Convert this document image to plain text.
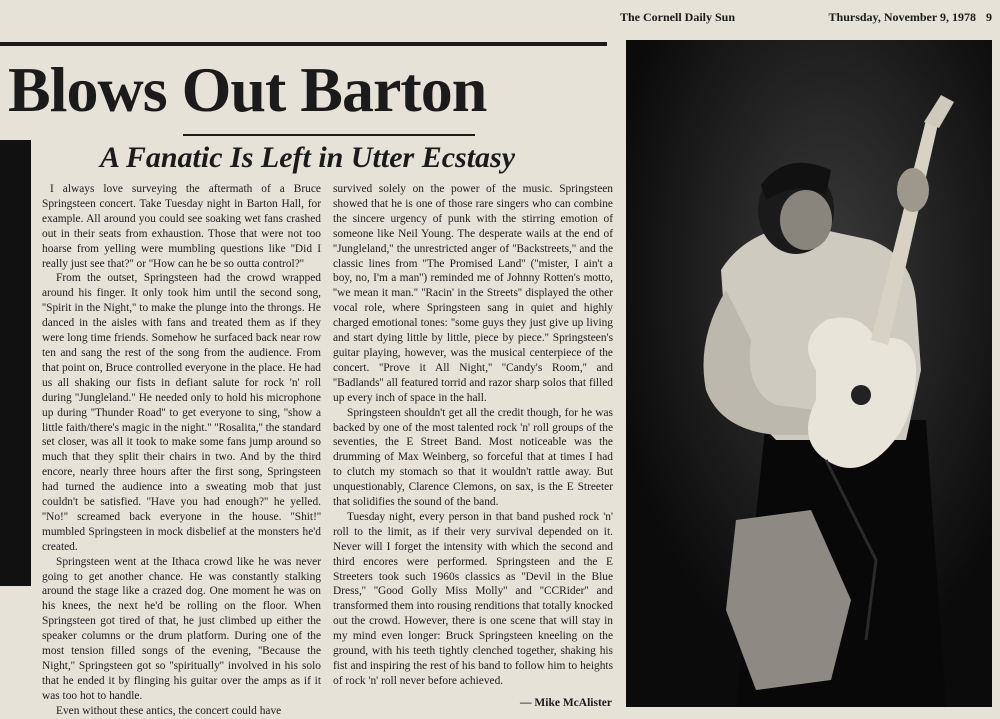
The Cornell Daily Sun	Thursday, November 9, 1978 9
Blows Out Barton
A Fanatic Is Left in Utter Ecstasy

I always love surveying the aftermath of a Bruce Springsteen concert. Take Tuesday night in Barton Hall, for example. All around you could see soaking wet fans crashed out in their seats from exhaustion. Those that were not too hoarse from yelling were mumbling questions like ''Did I really just see that?'' or ''How can he be so outta control?''

From the outset, Springsteen had the crowd wrapped around his finger. It only took him until the second song, ''Spirit in the Night,'' to make the plunge into the throngs. He danced in the aisles with fans and treated them as if they were long time friends. Somehow he surfaced back near row ten and sang the rest of the song from the audience. From that point on, Bruce controlled everyone in the place. He had us all shaking our fists in defiant salute for rock 'n' roll during ''Jungleland.'' He needed only to hold his microphone up during ''Thunder Road'' to get everyone to sing, ''show a little faith/there's magic in the night.'' ''Rosalita,'' the standard set closer, was all it took to make some fans jump around so much that they split their chairs in two. And by the third encore, nearly three hours after the first song, Springsteen had turned the audience into a sweating mob that just couldn't be satisfied. ''Have you had enough?'' he yelled. ''No!'' screamed back everyone in the house. ''Shit!'' mumbled Springsteen in mock disbelief at the monsters he'd created.

Springsteen went at the Ithaca crowd like he was never going to get another chance. He was constantly stalking around the stage like a crazed dog. One moment he was on his knees, the next he'd be rolling on the floor. When Springsteen got tired of that, he just climbed up either the speaker columns or the drum platform. During one of the most tension filled songs of the evening, ''Because the Night,'' Springsteen got so ''spiritually'' involved in his solo that he ended it by flinging his guitar over the amps as if it was too hot to handle.

Even without these antics, the concert could have

survived solely on the power of the music. Springsteen showed that he is one of those rare singers who can combine the sincere urgency of punk with the stirring emotion of someone like Neil Young. The desperate wails at the end of ''Jungleland,'' the unrestricted anger of ''Backstreets,'' and the classic lines from ''The Promised Land'' (''mister, I ain't a boy, no, I'm a man'') reminded me of Johnny Rotten's motto, ''we mean it man.'' ''Racin' in the Streets'' displayed the other vocal role, where Springsteen sang in quiet and highly charged emotional tones: ''some guys they just give up living and start dying little by little, piece by piece.'' Springsteen's guitar playing, however, was the musical centerpiece of the concert. ''Prove it All Night,'' ''Candy's Room,'' and ''Badlands'' all featured torrid and razor sharp solos that filled up every inch of space in the hall.

Springsteen shouldn't get all the credit though, for he was backed by one of the most talented rock 'n' roll groups of the seventies, the E Street Band. Most noticeable was the drumming of Max Weinberg, so forceful that at times I had to clutch my stomach so that it wouldn't rattle away. But unquestionably, Clarence Clemons, on sax, is the E Streeter that solidifies the sound of the band.

Tuesday night, every person in that band pushed rock 'n' roll to the limit, as if their very survival depended on it. Never will I forget the intensity with which the second and third encores were performed. Springsteen and the E Streeters took such 1960s classics as ''Devil in the Blue Dress,'' ''Good Golly Miss Molly'' and ''CCRider'' and transformed them into rousing renditions that totally knocked out the crowd. However, there is one scene that will stay in my mind even longer: Bruck Springsteen kneeling on the ground, with his teeth tightly clenched together, shaking his fist and inspiring the rest of his band to follow him to heights of rock 'n' roll never before achieved.

— Mike McAlister
